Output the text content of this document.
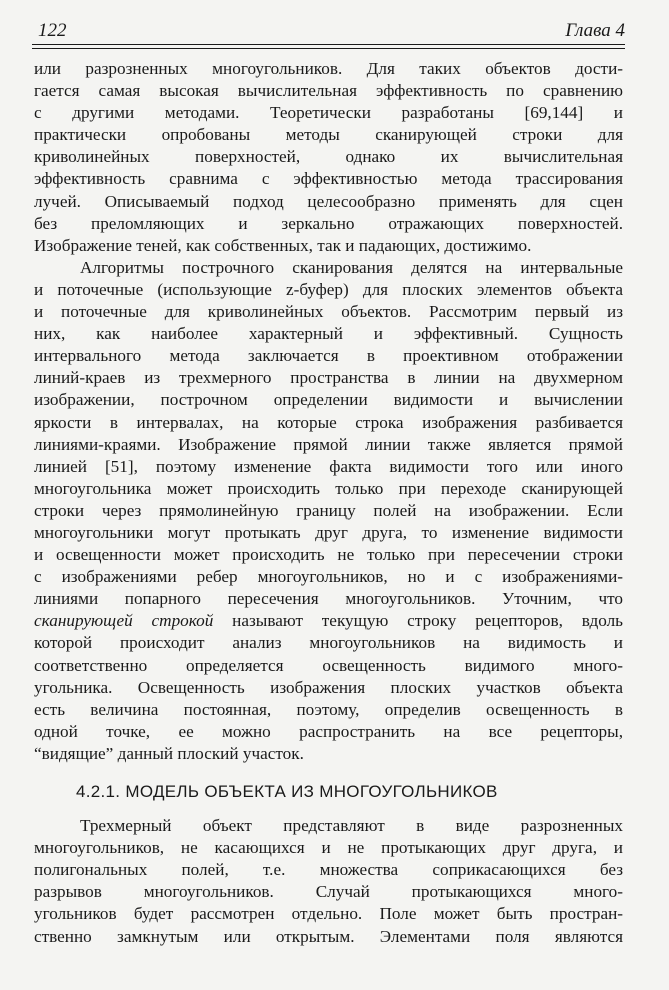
122	Глава 4
или разрозненных многоугольников. Для таких объектов дости-
гается самая высокая вычислительная эффективность по сравнению
с другими методами. Теоретически разработаны [69,144] и
практически опробованы методы сканирующей строки для
криволинейных поверхностей, однако их вычислительная
эффективность сравнима с эффективностью метода трассирования
лучей. Описываемый подход целесообразно применять для сцен
без преломляющих и зеркально отражающих поверхностей.
Изображение теней, как собственных, так и падающих, достижимо.
Алгоритмы построчного сканирования делятся на интервальные
и поточечные (использующие z-буфер) для плоских элементов объекта
и поточечные для криволинейных объектов. Рассмотрим первый из
них, как наиболее характерный и эффективный. Сущность
интервального метода заключается в проективном отображении
линий-краев из трехмерного пространства в линии на двухмерном
изображении, построчном определении видимости и вычислении
яркости в интервалах, на которые строка изображения разбивается
линиями-краями. Изображение прямой линии также является прямой
линией [51], поэтому изменение факта видимости того или иного
многоугольника может происходить только при переходе сканирующей
строки через прямолинейную границу полей на изображении. Если
многоугольники могут протыкать друг друга, то изменение видимости
и освещенности может происходить не только при пересечении строки
с изображениями ребер многоугольников, но и с изображениями-
линиями попарного пересечения многоугольников. Уточним, что
сканирующей строкой называют текущую строку рецепторов, вдоль
которой происходит анализ многоугольников на видимость и
соответственно определяется освещенность видимого много-
угольника. Освещенность изображения плоских участков объекта
есть величина постоянная, поэтому, определив освещенность в
одной точке, ее можно распространить на все рецепторы,
“видящие” данный плоский участок.
4.2.1. МОДЕЛЬ ОБЪЕКТА ИЗ МНОГОУГОЛЬНИКОВ
Трехмерный объект представляют в виде разрозненных
многоугольников, не касающихся и не протыкающих друг друга, и
полигональных полей, т.е. множества соприкасающихся без
разрывов многоугольников. Случай протыкающихся много-
угольников будет рассмотрен отдельно. Поле может быть простран-
ственно замкнутым или открытым. Элементами поля являются
